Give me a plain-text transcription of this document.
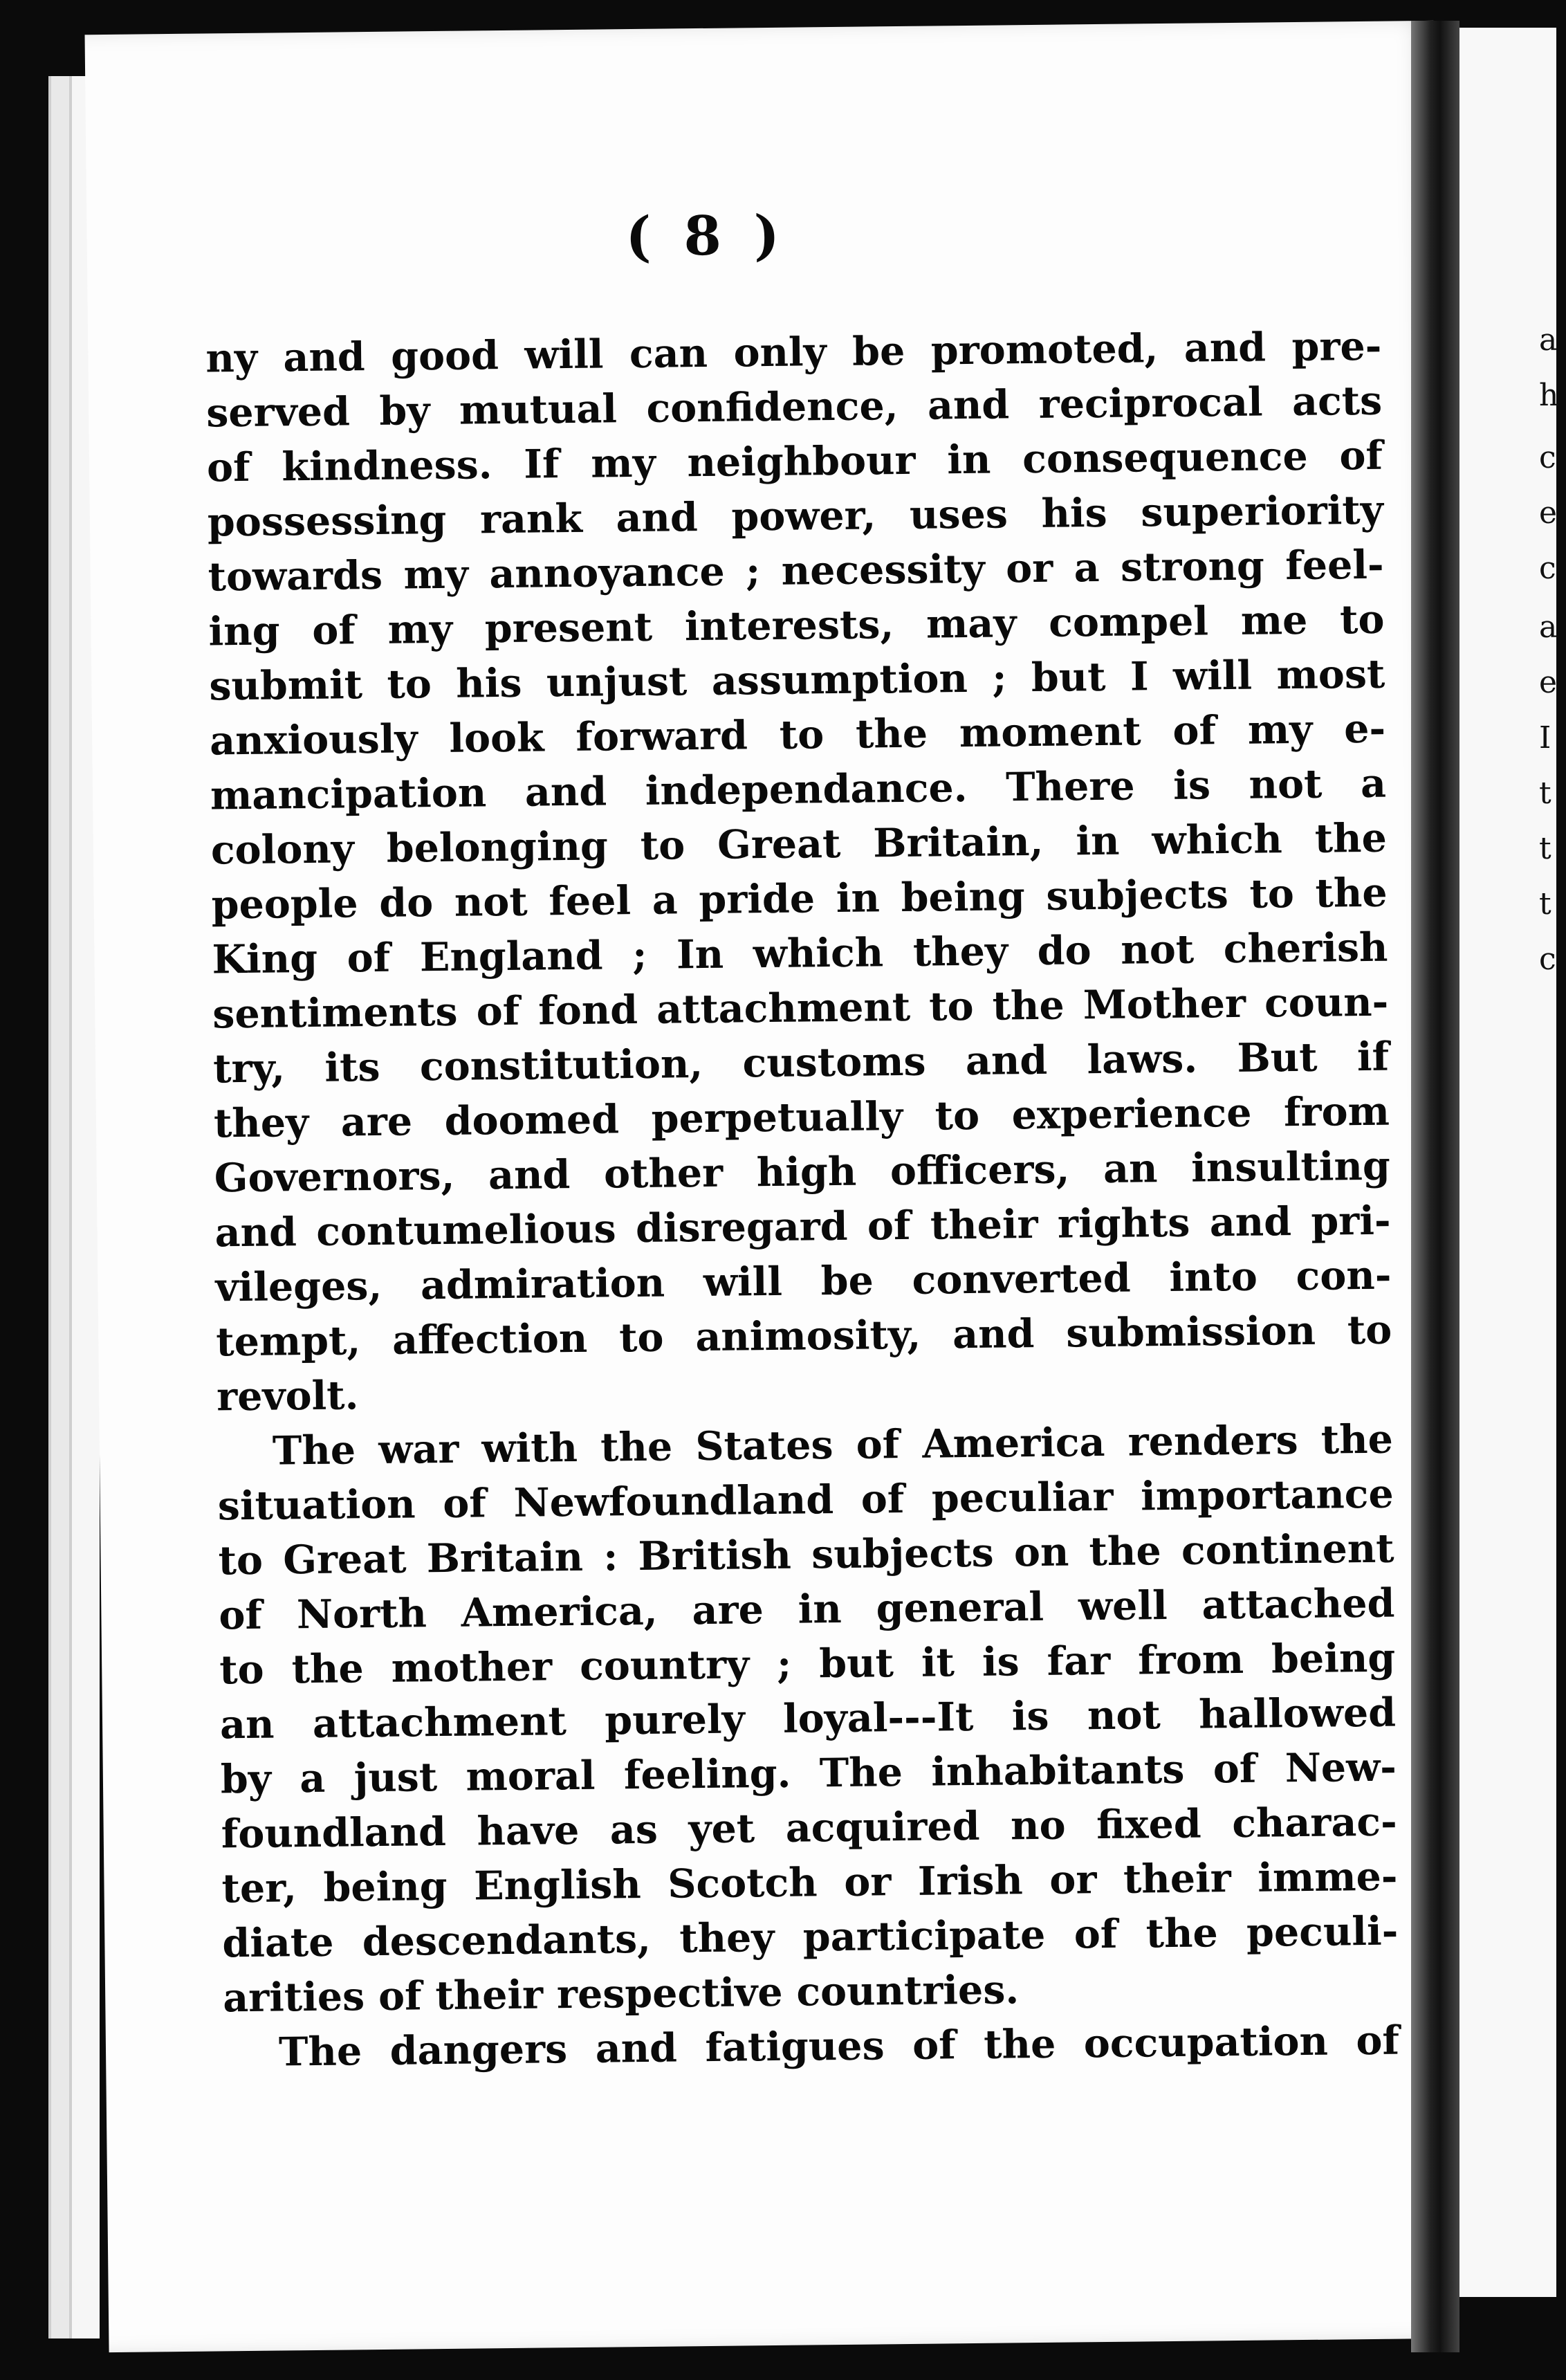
( 8 )
ny and good will can only be promoted, and pre-
served by mutual confidence, and reciprocal acts
of kindness. If my neighbour in consequence of
possessing rank and power, uses his superiority
towards my annoyance ; necessity or a strong feel-
ing of my present interests, may compel me to
submit to his unjust assumption ; but I will most
anxiously look forward to the moment of my e-
mancipation and independance. There is not a
colony belonging to Great Britain, in which the
people do not feel a pride in being subjects to the
King of England ; In which they do not cherish
sentiments of fond attachment to the Mother coun-
try, its constitution, customs and laws. But if
they are doomed perpetually to experience from
Governors, and other high officers, an insulting
and contumelious disregard of their rights and pri-
vileges, admiration will be converted into con-
tempt, affection to animosity, and submission to
revolt.
The war with the States of America renders the
situation of Newfoundland of peculiar importance
to Great Britain : British subjects on the continent
of North America, are in general well attached
to the mother country ; but it is far from being
an attachment purely loyal---It is not hallowed
by a just moral feeling. The inhabitants of New-
foundland have as yet acquired no fixed charac-
ter, being English Scotch or Irish or their imme-
diate descendants, they participate of the peculi-
arities of their respective countries.
The dangers and fatigues of the occupation of
a
h
c
e
c
a
e
I
t
t
t
c
